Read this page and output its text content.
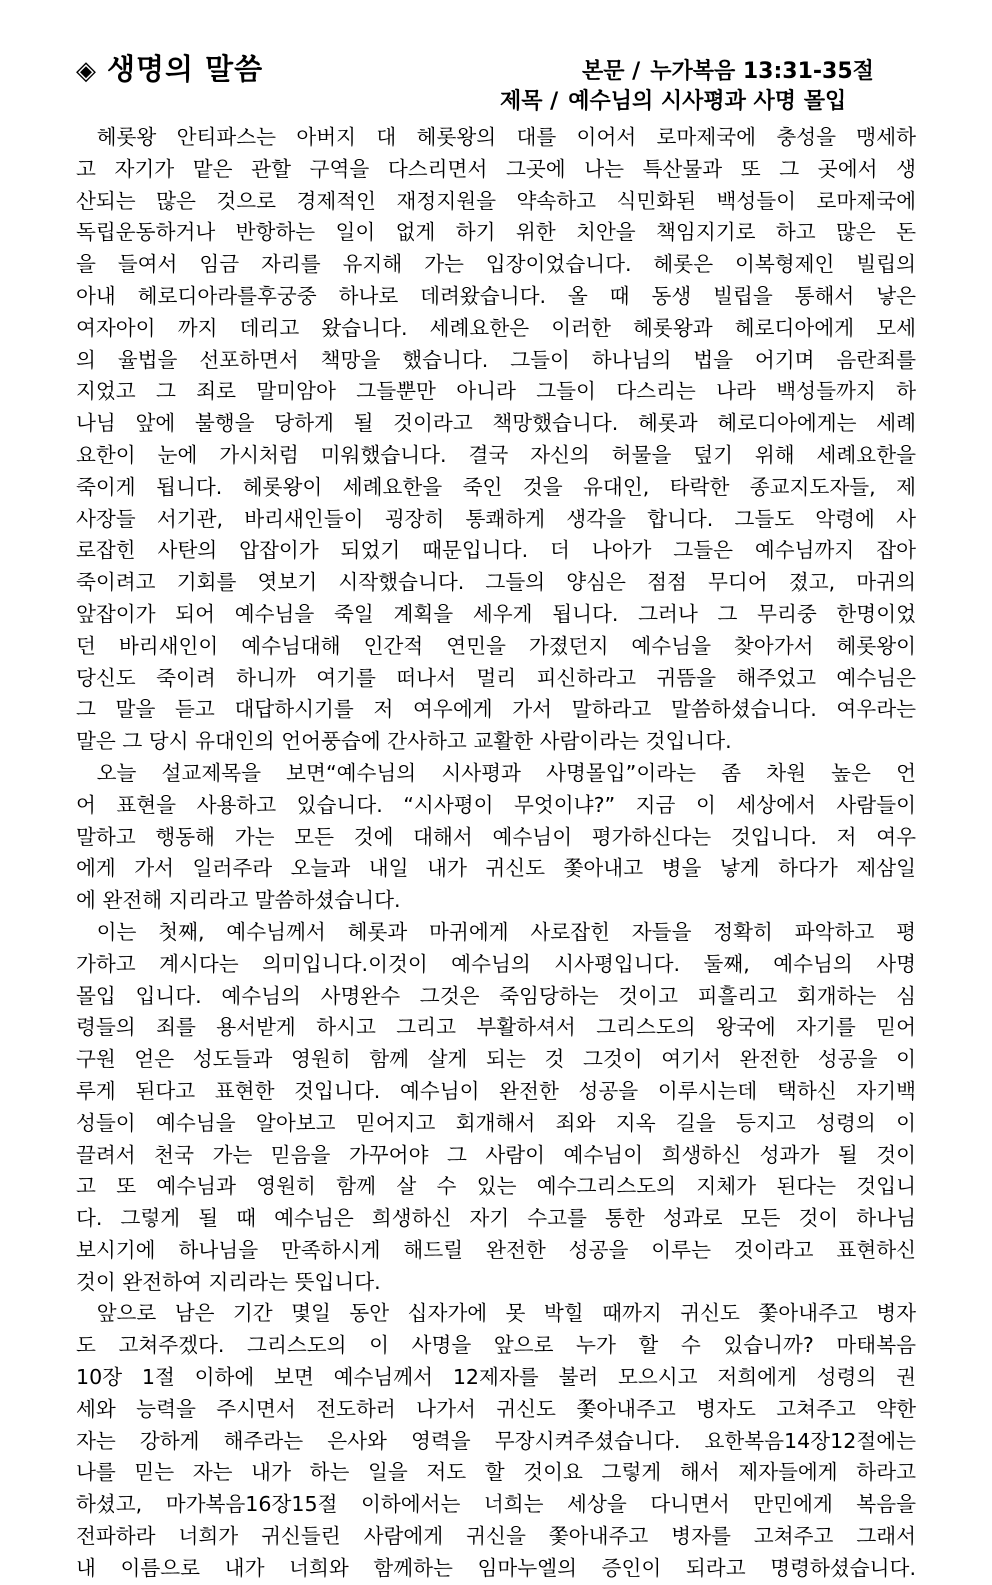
◈ 생명의 말씀	본문 / 누가복음 13:31-35절
제목 / 예수님의 시사평과 사명 몰입
헤롯왕 안티파스는 아버지 대 헤롯왕의 대를 이어서 로마제국에 충성을 맹세하
고 자기가 맡은 관할 구역을 다스리면서 그곳에 나는 특산물과 또 그 곳에서 생
산되는 많은 것으로 경제적인 재정지원을 약속하고 식민화된 백성들이 로마제국에
독립운동하거나 반항하는 일이 없게 하기 위한 치안을 책임지기로 하고 많은 돈
을 들여서 임금 자리를 유지해 가는 입장이었습니다. 헤롯은 이복형제인 빌립의
아내 헤로디아라를후궁중 하나로 데려왔습니다. 올 때 동생 빌립을 통해서 낳은
여자아이 까지 데리고 왔습니다. 세례요한은 이러한 헤롯왕과 헤로디아에게 모세
의 율법을 선포하면서 책망을 했습니다. 그들이 하나님의 법을 어기며 음란죄를
지었고 그 죄로 말미암아 그들뿐만 아니라 그들이 다스리는 나라 백성들까지 하
나님 앞에 불행을 당하게 될 것이라고 책망했습니다. 헤롯과 헤로디아에게는 세례
요한이 눈에 가시처럼 미워했습니다. 결국 자신의 허물을 덮기 위해 세례요한을
죽이게 됩니다. 헤롯왕이 세례요한을 죽인 것을 유대인, 타락한 종교지도자들, 제
사장들 서기관, 바리새인들이 굉장히 통쾌하게 생각을 합니다. 그들도 악령에 사
로잡힌 사탄의 압잡이가 되었기 때문입니다. 더 나아가 그들은 예수님까지 잡아
죽이려고 기회를 엿보기 시작했습니다. 그들의 양심은 점점 무디어 졌고, 마귀의
앞잡이가 되어 예수님을 죽일 계획을 세우게 됩니다. 그러나 그 무리중 한명이었
던 바리새인이 예수님대해 인간적 연민을 가졌던지 예수님을 찾아가서 헤롯왕이
당신도 죽이려 하니까 여기를 떠나서 멀리 피신하라고 귀뜸을 해주었고 예수님은
그 말을 듣고 대답하시기를 저 여우에게 가서 말하라고 말씀하셨습니다. 여우라는
말은 그 당시 유대인의 언어풍습에 간사하고 교활한 사람이라는 것입니다.
오늘 설교제목을 보면“예수님의 시사평과 사명몰입”이라는 좀 차원 높은 언
어 표현을 사용하고 있습니다. “시사평이 무엇이냐?” 지금 이 세상에서 사람들이
말하고 행동해 가는 모든 것에 대해서 예수님이 평가하신다는 것입니다. 저 여우
에게 가서 일러주라 오늘과 내일 내가 귀신도 쫓아내고 병을 낳게 하다가 제삼일
에 완전해 지리라고 말씀하셨습니다.
이는 첫째, 예수님께서 헤롯과 마귀에게 사로잡힌 자들을 정확히 파악하고 평
가하고 계시다는 의미입니다.이것이 예수님의 시사평입니다. 둘째, 예수님의 사명
몰입 입니다. 예수님의 사명완수 그것은 죽임당하는 것이고 피흘리고 회개하는 심
령들의 죄를 용서받게 하시고 그리고 부활하셔서 그리스도의 왕국에 자기를 믿어
구원 얻은 성도들과 영원히 함께 살게 되는 것 그것이 여기서 완전한 성공을 이
루게 된다고 표현한 것입니다. 예수님이 완전한 성공을 이루시는데 택하신 자기백
성들이 예수님을 알아보고 믿어지고 회개해서 죄와 지옥 길을 등지고 성령의 이
끌려서 천국 가는 믿음을 가꾸어야 그 사람이 예수님이 희생하신 성과가 될 것이
고 또 예수님과 영원히 함께 살 수 있는 예수그리스도의 지체가 된다는 것입니
다. 그렇게 될 때 예수님은 희생하신 자기 수고를 통한 성과로 모든 것이 하나님
보시기에 하나님을 만족하시게 해드릴 완전한 성공을 이루는 것이라고 표현하신
것이 완전하여 지리라는 뜻입니다.
앞으로 남은 기간 몇일 동안 십자가에 못 박힐 때까지 귀신도 쫓아내주고 병자
도 고쳐주겠다. 그리스도의 이 사명을 앞으로 누가 할 수 있습니까? 마태복음
10장 1절 이하에 보면 예수님께서 12제자를 불러 모으시고 저희에게 성령의 권
세와 능력을 주시면서 전도하러 나가서 귀신도 쫓아내주고 병자도 고쳐주고 약한
자는 강하게 해주라는 은사와 영력을 무장시켜주셨습니다. 요한복음14장12절에는
나를 믿는 자는 내가 하는 일을 저도 할 것이요 그렇게 해서 제자들에게 하라고
하셨고, 마가복음16장15절 이하에서는 너희는 세상을 다니면서 만민에게 복음을
전파하라 너희가 귀신들린 사람에게 귀신을 쫓아내주고 병자를 고쳐주고 그래서
내 이름으로 내가 너희와 함께하는 임마누엘의 증인이 되라고 명령하셨습니다.
